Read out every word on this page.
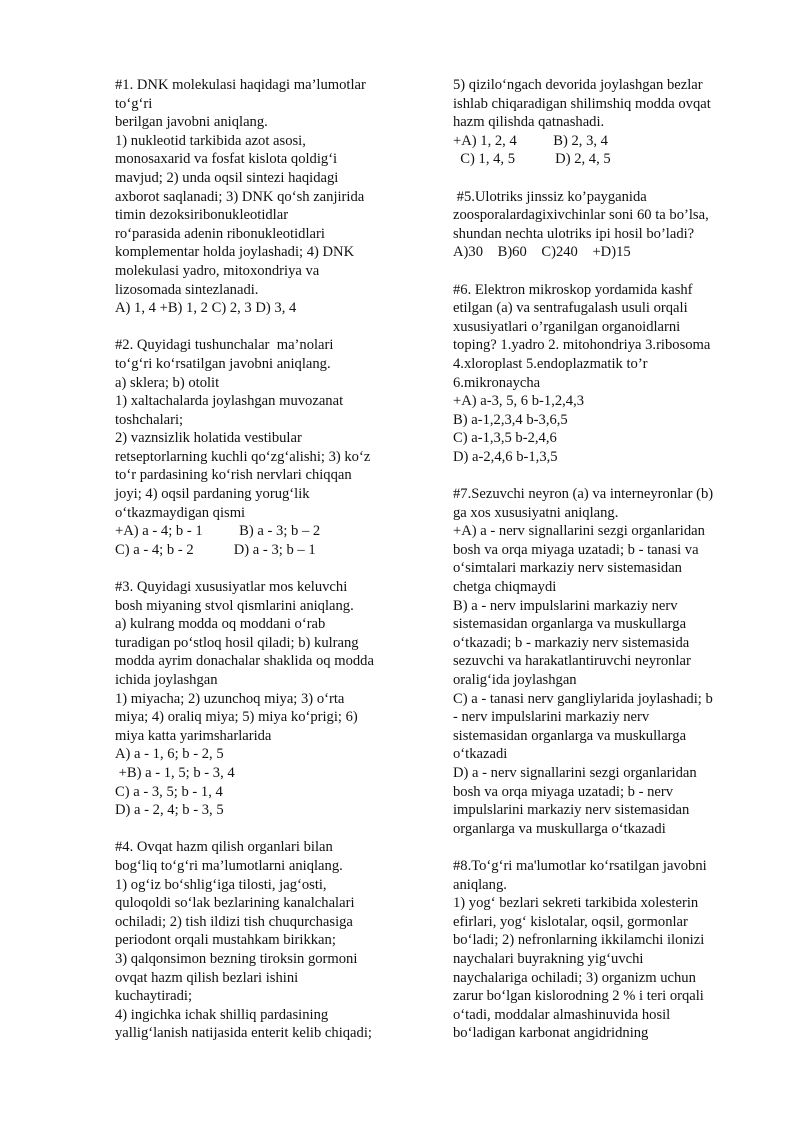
#1. DNK molekulasi haqidagi ma’lumotlar
to‘g‘ri
berilgan javobni aniqlang.
1) nukleotid tarkibida azot asosi,
monosaxarid va fosfat kislota qoldig‘i
mavjud; 2) unda oqsil sintezi haqidagi
axborot saqlanadi; 3) DNK qo‘sh zanjirida
timin dezoksiribonukleotidlar
ro‘parasida adenin ribonukleotidlari
komplementar holda joylashadi; 4) DNK
molekulasi yadro, mitoxondriya va
lizosomada sintezlanadi.
A) 1, 4 +B) 1, 2 C) 2, 3 D) 3, 4
#2. Quyidagi tushunchalar  ma’nolari
to‘g‘ri ko‘rsatilgan javobni aniqlang.
a) sklera; b) otolit
1) xaltachalarda joylashgan muvozanat
toshchalari;
2) vaznsizlik holatida vestibular
retseptorlarning kuchli qo‘zg‘alishi; 3) ko‘z
to‘r pardasining ko‘rish nervlari chiqqan
joyi; 4) oqsil pardaning yorug‘lik
o‘tkazmaydigan qismi
+A) a - 4; b - 1          B) a - 3; b – 2
C) a - 4; b - 2           D) a - 3; b – 1
#3. Quyidagi xususiyatlar mos keluvchi
bosh miyaning stvol qismlarini aniqlang.
a) kulrang modda oq moddani o‘rab
turadigan po‘stloq hosil qiladi; b) kulrang
modda ayrim donachalar shaklida oq modda
ichida joylashgan
1) miyacha; 2) uzunchoq miya; 3) o‘rta
miya; 4) oraliq miya; 5) miya ko‘prigi; 6)
miya katta yarimsharlarida
A) a - 1, 6; b - 2, 5
+B) a - 1, 5; b - 3, 4
C) a - 3, 5; b - 1, 4
D) a - 2, 4; b - 3, 5
#4. Ovqat hazm qilish organlari bilan
bog‘liq to‘g‘ri ma’lumotlarni aniqlang.
1) og‘iz bo‘shlig‘iga tilosti, jag‘osti,
quloqoldi so‘lak bezlarining kanalchalari
ochiladi; 2) tish ildizi tish chuqurchasiga
periodont orqali mustahkam birikkan;
3) qalqonsimon bezning tiroksin gormoni
ovqat hazm qilish bezlari ishini
kuchaytiradi;
4) ingichka ichak shilliq pardasining
yallig‘lanish natijasida enterit kelib chiqadi;
5) qizilo‘ngach devorida joylashgan bezlar
ishlab chiqaradigan shilimshiq modda ovqat
hazm qilishda qatnashadi.
+A) 1, 2, 4          B) 2, 3, 4
C) 1, 4, 5           D) 2, 4, 5
#5.Ulotriks jinssiz ko’payganida
zoosporalardagixivchinlar soni 60 ta bo’lsa,
shundan nechta ulotriks ipi hosil bo’ladi?
A)30    B)60    C)240    +D)15
#6. Elektron mikroskop yordamida kashf
etilgan (a) va sentrafugalash usuli orqali
xususiyatlari o’rganilgan organoidlarni
toping? 1.yadro 2. mitohondriya 3.ribosoma
4.xloroplast 5.endoplazmatik to’r
6.mikronaycha
+A) a-3, 5, 6 b-1,2,4,3
B) a-1,2,3,4 b-3,6,5
C) a-1,3,5 b-2,4,6
D) a-2,4,6 b-1,3,5
#7.Sezuvchi neyron (a) va interneyronlar (b)
ga xos xususiyatni aniqlang.
+A) a - nerv signallarini sezgi organlaridan
bosh va orqa miyaga uzatadi; b - tanasi va
o‘simtalari markaziy nerv sistemasidan
chetga chiqmaydi
B) a - nerv impulslarini markaziy nerv
sistemasidan organlarga va muskullarga
o‘tkazadi; b - markaziy nerv sistemasida
sezuvchi va harakatlantiruvchi neyronlar
oralig‘ida joylashgan
C) a - tanasi nerv gangliylarida joylashadi; b
- nerv impulslarini markaziy nerv
sistemasidan organlarga va muskullarga
o‘tkazadi
D) a - nerv signallarini sezgi organlaridan
bosh va orqa miyaga uzatadi; b - nerv
impulslarini markaziy nerv sistemasidan
organlarga va muskullarga o‘tkazadi
#8.To‘g‘ri ma'lumotlar ko‘rsatilgan javobni
aniqlang.
1) yog‘ bezlari sekreti tarkibida xolesterin
efirlari, yog‘ kislotalar, oqsil, gormonlar
bo‘ladi; 2) nefronlarning ikkilamchi ilonizi
naychalari buyrakning yig‘uvchi
naychalariga ochiladi; 3) organizm uchun
zarur bo‘lgan kislorodning 2 % i teri orqali
o‘tadi, moddalar almashinuvida hosil
bo‘ladigan karbonat angidridning
